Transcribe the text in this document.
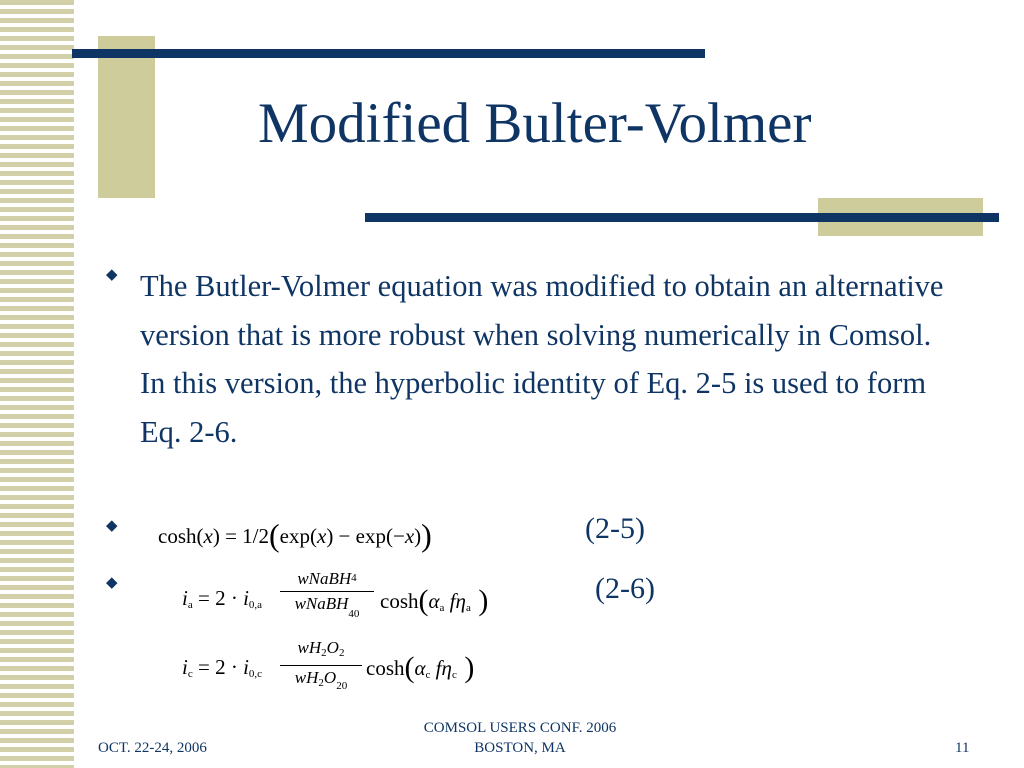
Modified Bulter-Volmer
◆ The Butler-Volmer equation was modified to obtain an alternative version that is more robust when solving numerically in Comsol. In this version, the hyperbolic identity of Eq. 2-5 is used to form Eq. 2-6.

◆ cosh(x) = 1/2(exp(x) − exp(−x))	(2-5)
◆
$i_a = 2 \cdot i_{0,a}$
wNaBH$^4$
wNaBH$_{40}$
$\cosh(\alpha_a$ $f\eta_a$ )	(2-6)
$i_c = 2 \cdot i_{0,c}$
$wH_2O_2$
$wH_2O_{20}$
$\cosh(\alpha_c$ $f\eta_c$ )
OCT. 22-24, 2006
COMSOL USERS CONF. 2006
BOSTON, MA	11
